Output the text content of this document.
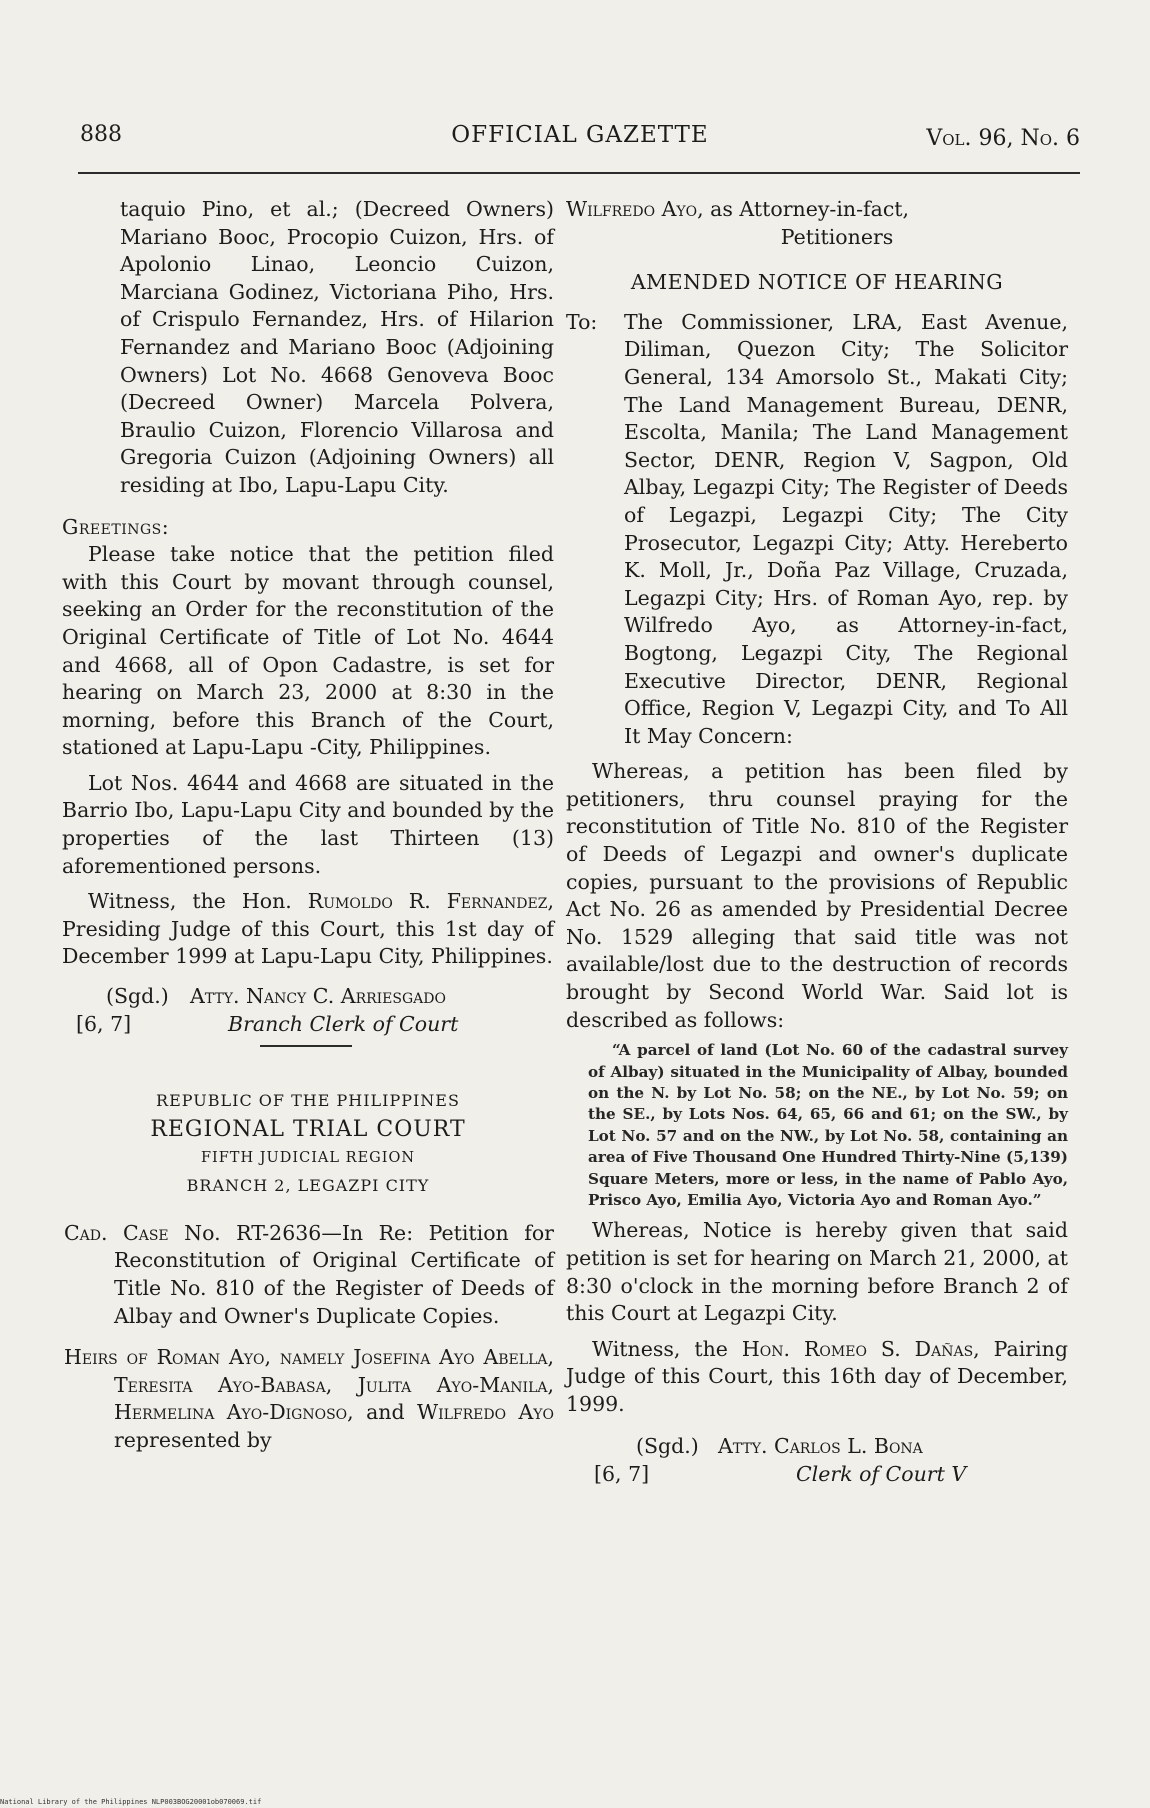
888	OFFICIAL GAZETTE	Vol. 96, No. 6

taquio Pino, et al.; (Decreed Owners) Mariano Booc, Procopio Cuizon, Hrs. of Apolonio Linao, Leoncio Cuizon, Marciana Godinez, Victoriana Piho, Hrs. of Crispulo Fernandez, Hrs. of Hilarion Fernandez and Mariano Booc (Adjoining Owners) Lot No. 4668 Genoveva Booc (Decreed Owner) Marcela Polvera, Braulio Cuizon, Florencio Villarosa and Gregoria Cuizon (Adjoining Owners) all residing at Ibo, Lapu-Lapu City.

Greetings:

Please take notice that the petition filed with this Court by movant through counsel, seeking an Order for the reconstitution of the Original Certificate of Title of Lot No. 4644 and 4668, all of Opon Cadastre, is set for hearing on March 23, 2000 at 8:30 in the morning, before this Branch of the Court, stationed at Lapu-Lapu -City, Philippines.

Lot Nos. 4644 and 4668 are situated in the Barrio Ibo, Lapu-Lapu City and bounded by the properties of the last Thirteen (13) aforementioned persons.

Witness, the Hon. Rumoldo R. Fernandez, Presiding Judge of this Court, this 1st day of December 1999 at Lapu-Lapu City, Philippines.

(Sgd.) Atty. Nancy C. Arriesgado
[6, 7]	Branch Clerk of Court
REPUBLIC OF THE PHILIPPINES
REGIONAL TRIAL COURT
FIFTH JUDICIAL REGION
BRANCH 2, LEGAZPI CITY

Cad. Case No. RT-2636—In Re: Petition for Reconstitution of Original Certificate of Title No. 810 of the Register of Deeds of Albay and Owner's Duplicate Copies.

Heirs of Roman Ayo, namely Josefina Ayo Abella, Teresita Ayo-Babasa, Julita Ayo-Manila, Hermelina Ayo-Dignoso, and Wilfredo Ayo represented by

Wilfredo Ayo, as Attorney-in-fact,

Petitioners

AMENDED NOTICE OF HEARING

To: The Commissioner, LRA, East Avenue, Diliman, Quezon City; The Solicitor General, 134 Amorsolo St., Makati City; The Land Management Bureau, DENR, Escolta, Manila; The Land Management Sector, DENR, Region V, Sagpon, Old Albay, Legazpi City; The Register of Deeds of Legazpi, Legazpi City; The City Prosecutor, Legazpi City; Atty. Hereberto K. Moll, Jr., Doña Paz Village, Cruzada, Legazpi City; Hrs. of Roman Ayo, rep. by Wilfredo Ayo, as Attorney-in-fact, Bogtong, Legazpi City, The Regional Executive Director, DENR, Regional Office, Region V, Legazpi City, and To All It May Concern:

Whereas, a petition has been filed by petitioners, thru counsel praying for the reconstitution of Title No. 810 of the Register of Deeds of Legazpi and owner's duplicate copies, pursuant to the provisions of Republic Act No. 26 as amended by Presidential Decree No. 1529 alleging that said title was not available/lost due to the destruction of records brought by Second World War. Said lot is described as follows:

“A parcel of land (Lot No. 60 of the cadastral survey of Albay) situated in the Municipality of Albay, bounded on the N. by Lot No. 58; on the NE., by Lot No. 59; on the SE., by Lots Nos. 64, 65, 66 and 61; on the SW., by Lot No. 57 and on the NW., by Lot No. 58, containing an area of Five Thousand One Hundred Thirty-Nine (5,139) Square Meters, more or less, in the name of Pablo Ayo, Prisco Ayo, Emilia Ayo, Victoria Ayo and Roman Ayo.”

Whereas, Notice is hereby given that said petition is set for hearing on March 21, 2000, at 8:30 o'clock in the morning before Branch 2 of this Court at Legazpi City.

Witness, the Hon. Romeo S. Dañas, Pairing Judge of this Court, this 16th day of December, 1999.

(Sgd.) Atty. Carlos L. Bona
[6, 7]	Clerk of Court V
National Library of the Philippines NLP003BOG20001ob070069.tif
